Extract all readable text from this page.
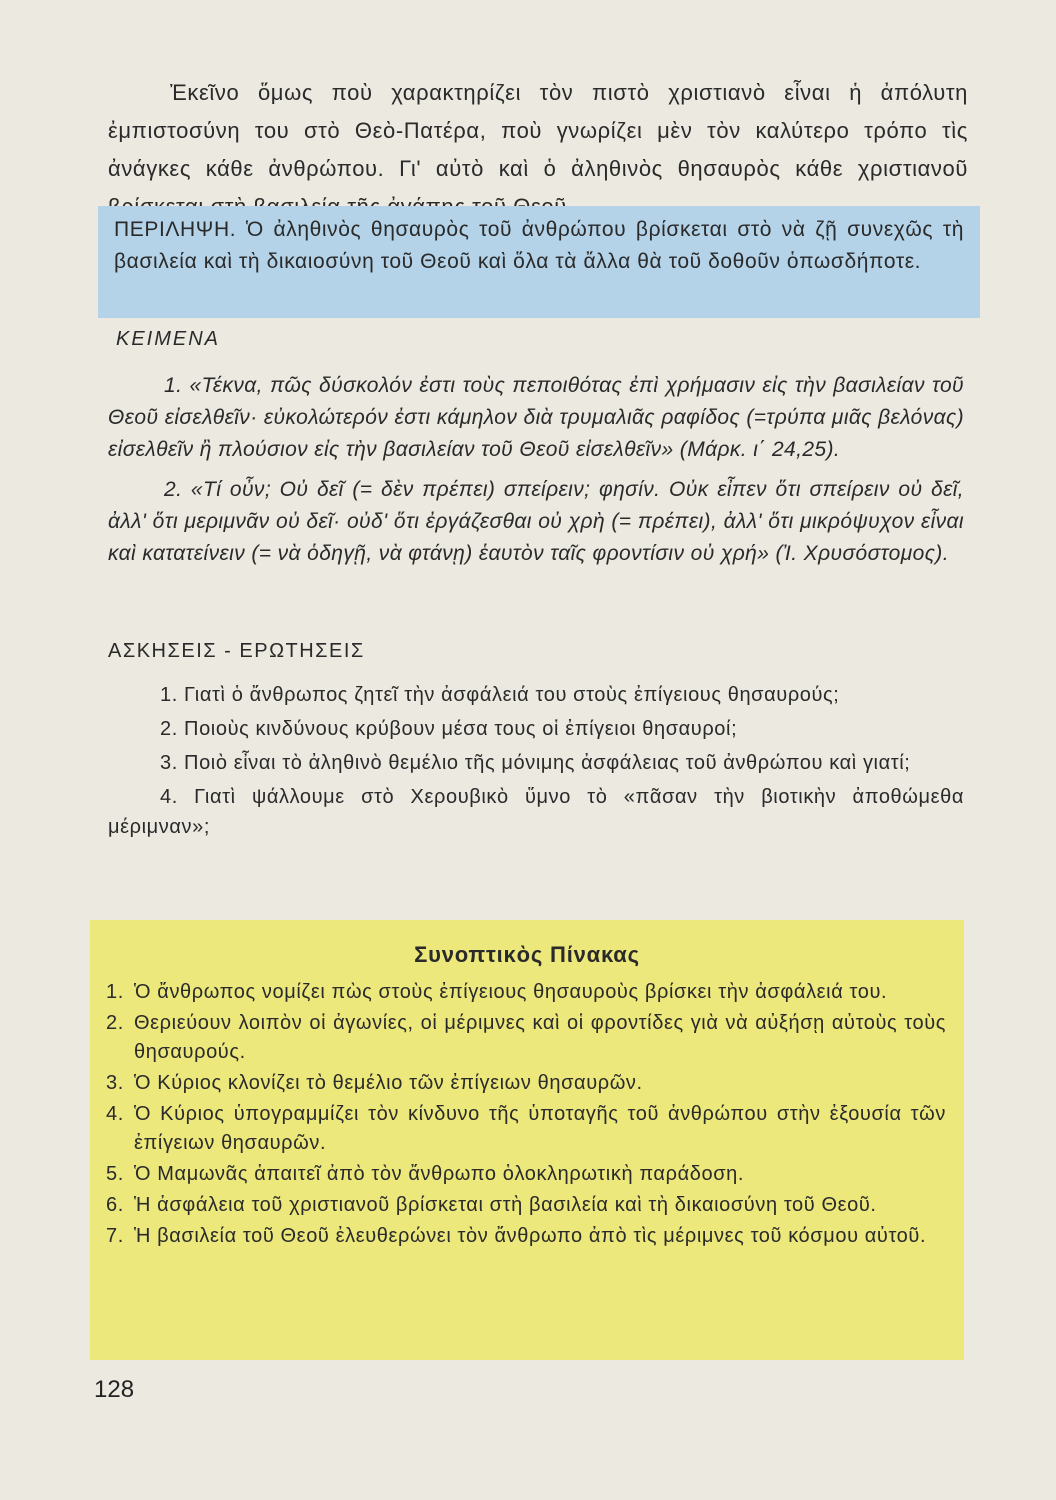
Ἐκεῖνο ὅμως ποὺ χαρακτηρίζει τὸν πιστὸ χριστιανὸ εἶναι ἡ ἀπόλυτη ἐμπιστοσύνη του στὸ Θεὸ-Πατέρα, ποὺ γνωρίζει μὲν τὸν καλύτερο τρόπο τὶς ἀνάγκες κάθε ἀνθρώπου. Γι' αὐτὸ καὶ ὁ ἀληθινὸς θησαυρὸς κάθε χριστιανοῦ

ΠΕΡΙΛΗΨΗ. Ὁ ἀληθινὸς θησαυρὸς τοῦ ἀνθρώπου βρίσκεται στὸ νὰ ζῇ συνεχῶς τὴ βασιλεία καὶ τὴ δικαιοσύνη τοῦ Θεοῦ καὶ ὅλα τὰ ἄλλα θὰ τοῦ δοθοῦν ὁπωσδήποτε.

ΚΕΙΜΕΝΑ

1. «Τέκνα, πῶς δύσκολόν ἐστι τοὺς πεποιθότας ἐπὶ χρήμασιν εἰς τὴν βασιλείαν τοῦ Θεοῦ εἰσελθεῖν· εὐκολώτερόν ἐστι κάμηλον διὰ τρυμαλιᾶς ραφίδος (=τρύπα μιᾶς βελόνας) εἰσελθεῖν ἢ πλούσιον εἰς τὴν βασιλείαν τοῦ Θεοῦ εἰσελθεῖν» (Μάρκ. ι΄ 24,25).

2. «Τί οὖν; Οὐ δεῖ (= δὲν πρέπει) σπείρειν; φησίν. Οὐκ εἶπεν ὅτι σπείρειν οὐ δεῖ, ἀλλ' ὅτι μεριμνᾶν οὐ δεῖ· οὐδ' ὅτι ἐργάζεσθαι οὐ χρὴ (= πρέπει), ἀλλ' ὅτι μικρόψυχον εἶναι καὶ κατατείνειν (= νὰ ὁδηγῇ, νὰ φτάνῃ) ἑαυτὸν ταῖς φροντίσιν οὐ χρή» (Ἰ. Χρυσόστομος).

ΑΣΚΗΣΕΙΣ - ΕΡΩΤΗΣΕΙΣ

1. Γιατὶ ὁ ἄνθρωπος ζητεῖ τὴν ἀσφάλειά του στοὺς ἐπίγειους θησαυρούς;

2. Ποιοὺς κινδύνους κρύβουν μέσα τους οἱ ἐπίγειοι θησαυροί;

3. Ποιὸ εἶναι τὸ ἀληθινὸ θεμέλιο τῆς μόνιμης ἀσφάλειας τοῦ ἀνθρώπου καὶ γιατί;

4. Γιατὶ ψάλλουμε στὸ Χερουβικὸ ὕμνο τὸ «πᾶσαν τὴν βιοτικὴν ἀποθώμεθα μέριμναν»;

Συνοπτικὸς Πίνακας
1. Ὁ ἄνθρωπος νομίζει πὼς στοὺς ἐπίγειους θησαυροὺς βρίσκει τὴν ἀσφάλειά του.
2. Θεριεύουν λοιπὸν οἱ ἀγωνίες, οἱ μέριμνες καὶ οἱ φροντίδες γιὰ νὰ αὐξήσῃ αὐτοὺς τοὺς θησαυρούς.
3. Ὁ Κύριος κλονίζει τὸ θεμέλιο τῶν ἐπίγειων θησαυρῶν.
4. Ὁ Κύριος ὑπογραμμίζει τὸν κίνδυνο τῆς ὑποταγῆς τοῦ ἀνθρώπου στὴν ἐξουσία τῶν ἐπίγειων θησαυρῶν.
5. Ὁ Μαμωνᾶς ἀπαιτεῖ ἀπὸ τὸν ἄνθρωπο ὁλοκληρωτικὴ παράδοση.
6. Ἡ ἀσφάλεια τοῦ χριστιανοῦ βρίσκεται στὴ βασιλεία καὶ τὴ δικαιοσύνη τοῦ Θεοῦ.
7. Ἡ βασιλεία τοῦ Θεοῦ ἐλευθερώνει τὸν ἄνθρωπο ἀπὸ τὶς μέριμνες τοῦ κόσμου αὐτοῦ.
128
